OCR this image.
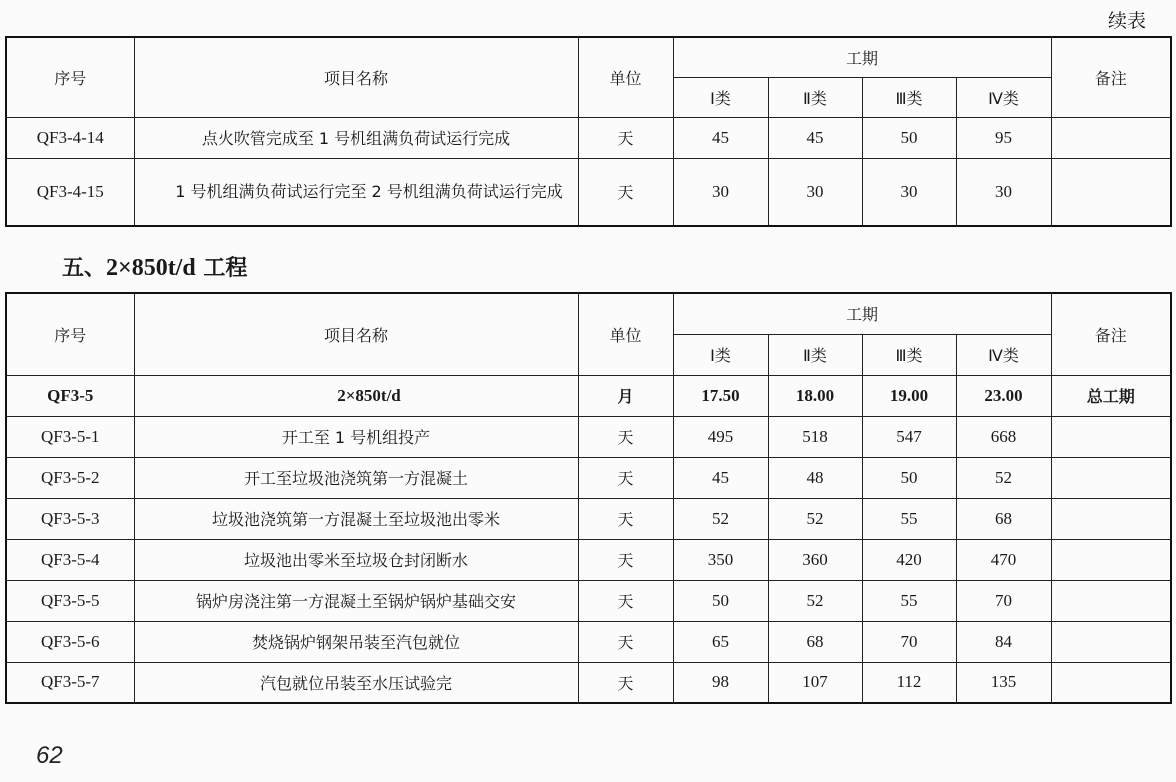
续表
序号	项目名称	单位	工期				备注
			Ⅰ类	Ⅱ类	Ⅲ类	Ⅳ类	
QF3-4-14	点火吹管完成至 1 号机组满负荷试运行完成	天	45	45	50	95	
QF3-4-15	1 号机组满负荷试运行完至 2 号机组满负荷试运行完成	天	30	30	30	30	
五、2×850t/d 工程
序号	项目名称	单位	工期				备注
			Ⅰ类	Ⅱ类	Ⅲ类	Ⅳ类	
QF3-5	2×850t/d	月	17.50	18.00	19.00	23.00	总工期
QF3-5-1	开工至 1 号机组投产	天	495	518	547	668	
QF3-5-2	开工至垃圾池浇筑第一方混凝土	天	45	48	50	52	
QF3-5-3	垃圾池浇筑第一方混凝土至垃圾池出零米	天	52	52	55	68	
QF3-5-4	垃圾池出零米至垃圾仓封闭断水	天	350	360	420	470	
QF3-5-5	锅炉房浇注第一方混凝土至锅炉锅炉基础交安	天	50	52	55	70	
QF3-5-6	焚烧锅炉钢架吊装至汽包就位	天	65	68	70	84	
QF3-5-7	汽包就位吊装至水压试验完	天	98	107	112	135	
62
